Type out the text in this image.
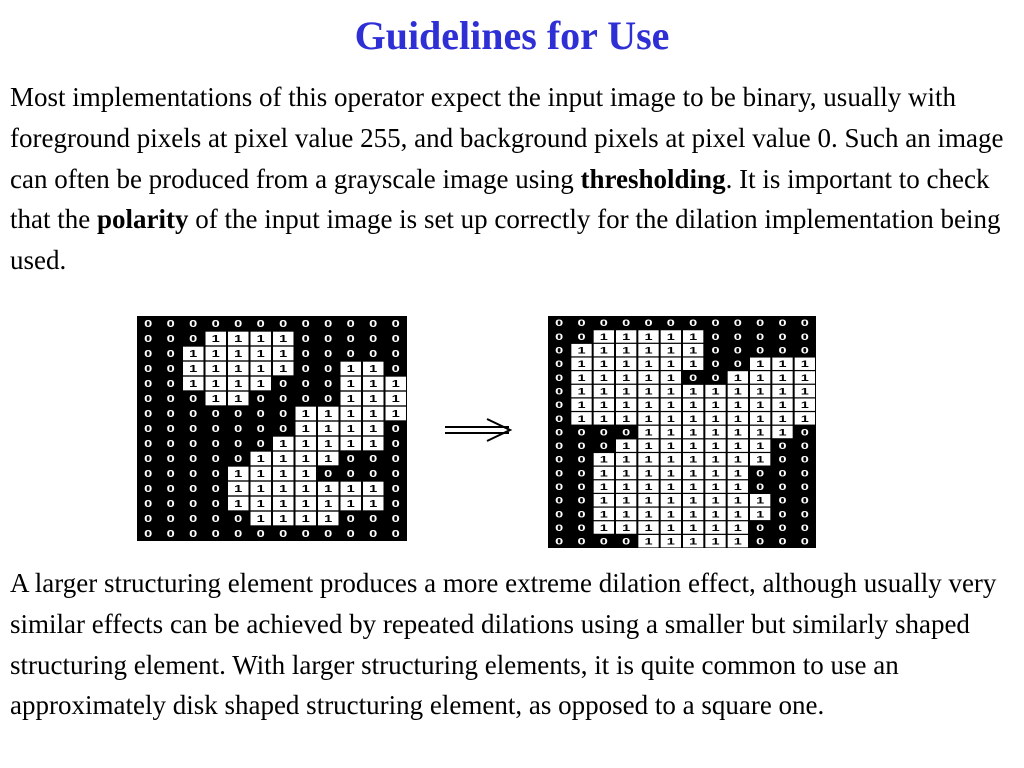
Guidelines for Use

Most implementations of this operator expect the input image to be binary, usually with foreground pixels at pixel value 255, and background pixels at pixel value 0. Such an image can often be produced from a grayscale image using thresholding. It is important to check that the polarity of the input image is set up correctly for the dilation implementation being used.

0 0 0 0 0 0 0 0 0 0 0 0
0 0 0 1 1 1 1 0 0 0 0 0
0 0 1 1 1 1 1 0 0 0 0 0
0 0 1 1 1 1 1 0 0 1 1 0
0 0 1 1 1 1 0 0 0 1 1 1
0 0 0 1 1 0 0 0 0 1 1 1
0 0 0 0 0 0 0 1 1 1 1 1
0 0 0 0 0 0 0 1 1 1 1 0
0 0 0 0 0 0 1 1 1 1 1 0
0 0 0 0 0 1 1 1 1 0 0 0
0 0 0 0 1 1 1 1 0 0 0 0
0 0 0 0 1 1 1 1 1 1 1 0
0 0 0 0 1 1 1 1 1 1 1 0
0 0 0 0 0 1 1 1 1 0 0 0
0 0 0 0 0 0 0 0 0 0 0 0
0 0 0 0 0 0 0 0 0 0 0 0
0 0 1 1 1 1 1 0 0 0 0 0
0 1 1 1 1 1 1 0 0 0 0 0
0 1 1 1 1 1 1 0 0 1 1 1
0 1 1 1 1 1 0 0 1 1 1 1
0 1 1 1 1 1 1 1 1 1 1 1
0 1 1 1 1 1 1 1 1 1 1 1
0 1 1 1 1 1 1 1 1 1 1 1
0 0 0 0 1 1 1 1 1 1 1 0
0 0 0 1 1 1 1 1 1 1 0 0
0 0 1 1 1 1 1 1 1 1 0 0
0 0 1 1 1 1 1 1 1 0 0 0
0 0 1 1 1 1 1 1 1 0 0 0
0 0 1 1 1 1 1 1 1 1 0 0
0 0 1 1 1 1 1 1 1 1 0 0
0 0 1 1 1 1 1 1 1 0 0 0
0 0 0 0 1 1 1 1 1 0 0 0

A larger structuring element produces a more extreme dilation effect, although usually very similar effects can be achieved by repeated dilations using a smaller but similarly shaped structuring element. With larger structuring elements, it is quite common to use an approximately disk shaped structuring element, as opposed to a square one.
